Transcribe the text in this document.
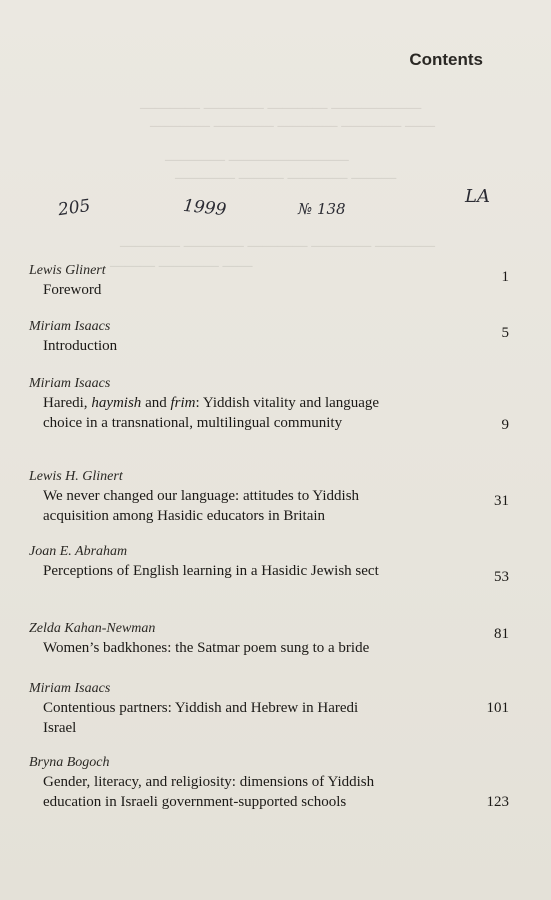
———— ———— ———— ——————
———— ———— ———— ———— ——
———— ————————
———— ——— ———— ———
———— ———— ———— ———— ————
——— ———— ——
Contents
205	1999	№ 138
LA
Lewis Glinert
Foreword
1
Miriam Isaacs
Introduction
5
Miriam Isaacs
Haredi, haymish and frim: Yiddish vitality and language choice in a transnational, multilingual community	9
Lewis H. Glinert
We never changed our language: attitudes to Yiddish acquisition among Hasidic educators in Britain
31
Joan E. Abraham
Perceptions of English learning in a Hasidic Jewish sect	53
Zelda Kahan-Newman
Women’s badkhones: the Satmar poem sung to a bride
81
Miriam Isaacs
Contentious partners: Yiddish and Hebrew in Haredi Israel
101
Bryna Bogoch
Gender, literacy, and religiosity: dimensions of Yiddish education in Israeli government-supported schools	123
